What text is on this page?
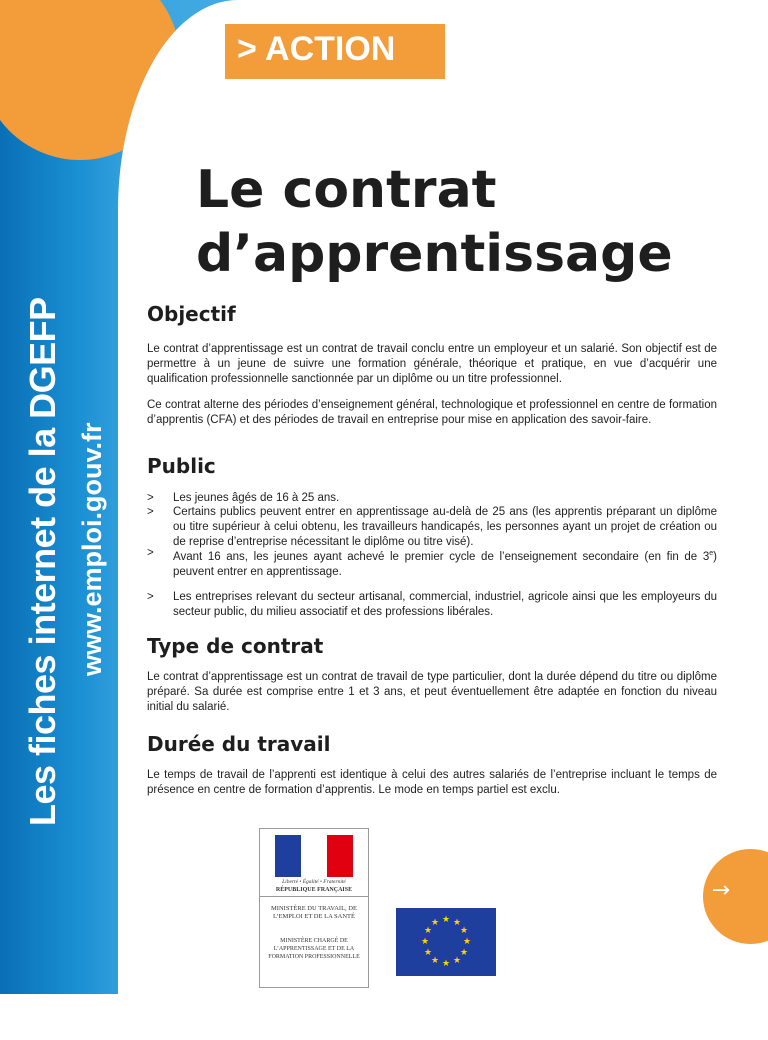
→
Les fiches internet de la DGEFP www.emploi.gouv.fr
> ACTION
pour l’emploi et la formation
Le contrat
d’apprentissage
Objectif

Le contrat d’apprentissage est un contrat de travail conclu entre un employeur et un salarié. Son objectif est de permettre à un jeune de suivre une formation générale, théorique et pratique, en vue d’acquérir une qualification professionnelle sanctionnée par un diplôme ou un titre professionnel.

Ce contrat alterne des périodes d’enseignement général, technologique et professionnel en centre de formation d’apprentis (CFA) et des périodes de travail en entreprise pour mise en application des savoir-faire.

Public
> Les jeunes âgés de 16 à 25 ans.
> Certains publics peuvent entrer en apprentissage au-delà de 25 ans (les apprentis préparant un diplôme ou titre supérieur à celui obtenu, les travailleurs handicapés, les personnes ayant un projet de création ou de reprise d’entreprise nécessitant le diplôme ou titre visé).
> Avant 16 ans, les jeunes ayant achevé le premier cycle de l’enseignement secondaire (en fin de 3e) peuvent entrer en apprentissage.
> Les entreprises relevant du secteur artisanal, commercial, industriel, agricole ainsi que les employeurs du secteur public, du milieu associatif et des professions libérales.
Type de contrat

Le contrat d’apprentissage est un contrat de travail de type particulier, dont la durée dépend du titre ou diplôme préparé. Sa durée est comprise entre 1 et 3 ans, et peut éventuellement être adaptée en fonction du niveau initial du salarié.

Durée du travail

Le temps de travail de l’apprenti est identique à celui des autres salariés de l’entreprise incluant le temps de présence en centre de formation d’apprentis. Le mode en temps partiel est exclu.

Liberté • Égalité • Fraternité
RÉPUBLIQUE FRANÇAISE
MINISTÈRE DU TRAVAIL, DE L’EMPLOI ET DE LA SANTÉ
MINISTÈRE CHARGÉ DE L’APPRENTISSAGE ET DE LA FORMATION PROFESSIONNELLE
★ ★
★
★
★
★
★
★
★
★
★
★
